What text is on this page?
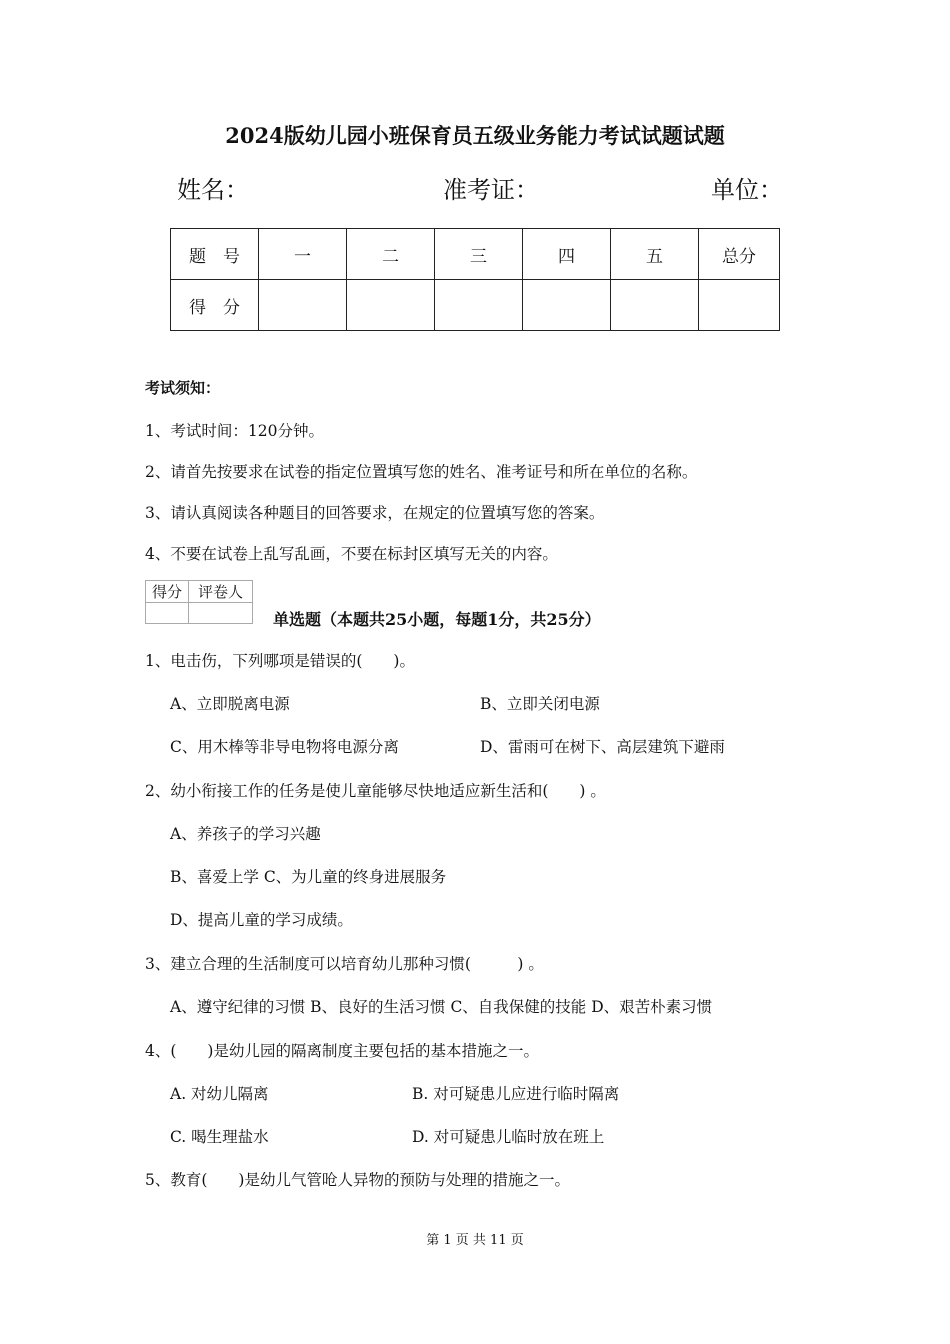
2024版幼儿园小班保育员五级业务能力考试试题试题
姓名：	准考证：	单位：
题　号	一	二	三	四	五	总分
得　分						
考试须知：
1、考试时间：120分钟。
2、请首先按要求在试卷的指定位置填写您的姓名、准考证号和所在单位的名称。
3、请认真阅读各种题目的回答要求，在规定的位置填写您的答案。
4、不要在试卷上乱写乱画，不要在标封区填写无关的内容。
得分	评卷人

单选题（本题共25小题，每题1分，共25分）
1、电击伤，下列哪项是错误的(　　)。
A、立即脱离电源	B、立即关闭电源
C、用木棒等非导电物将电源分离	D、雷雨可在树下、高层建筑下避雨
2、幼小衔接工作的任务是使儿童能够尽快地适应新生活和(　　) 。
A、养孩子的学习兴趣
B、喜爱上学 C、为儿童的终身进展服务
D、提高儿童的学习成绩。
3、建立合理的生活制度可以培育幼儿那种习惯(　　　) 。
A、遵守纪律的习惯 B、良好的生活习惯 C、自我保健的技能 D、艰苦朴素习惯
4、(　　)是幼儿园的隔离制度主要包括的基本措施之一。
A. 对幼儿隔离	B. 对可疑患儿应进行临时隔离
C. 喝生理盐水	D. 对可疑患儿临时放在班上
5、教育(　　)是幼儿气管呛人异物的预防与处理的措施之一。
第 1 页 共 11 页
